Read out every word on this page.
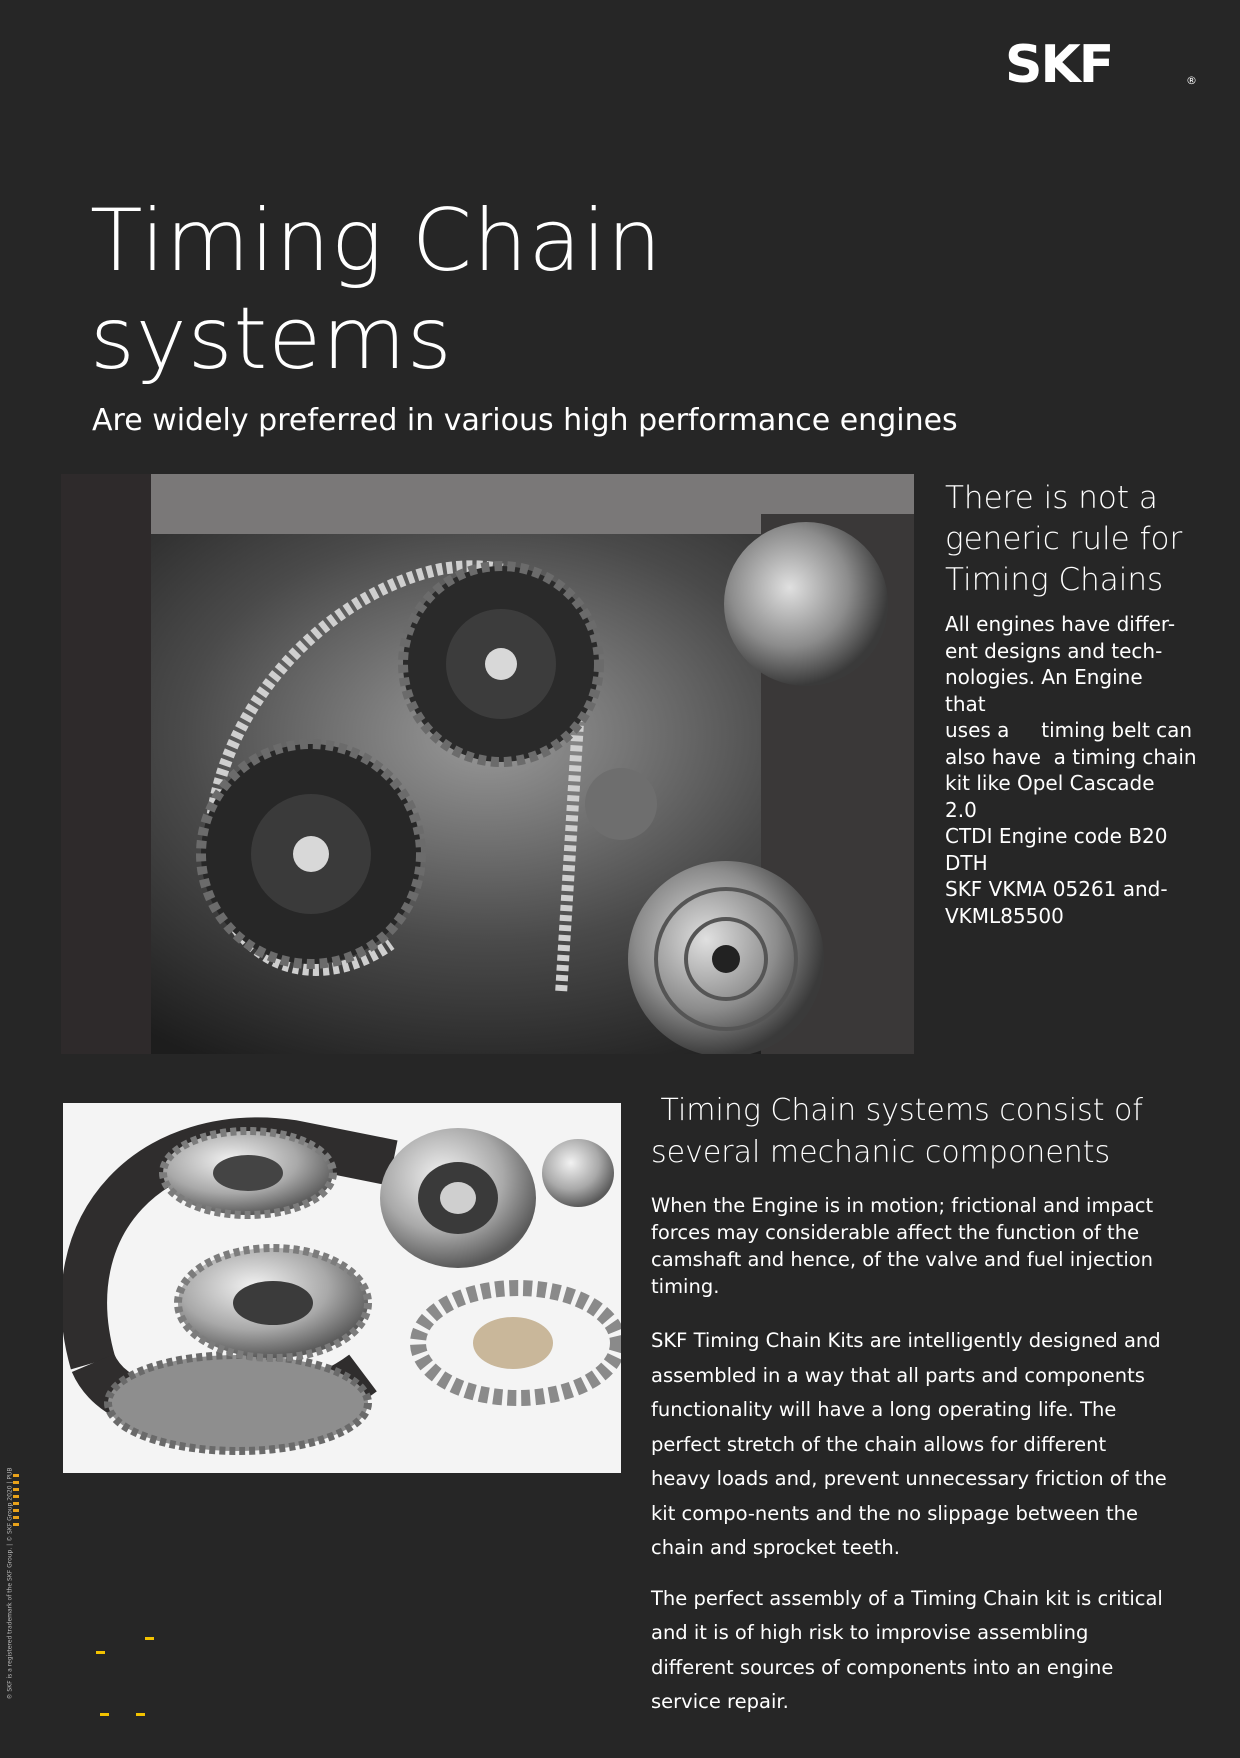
SKF	®
Timing Chain
systems
Are widely preferred in various high performance engines
There is not a generic rule for Timing Chains

All engines have differ-
ent designs and tech-
nologies. An Engine that
uses a     timing belt can
also have  a timing chain
kit like Opel Cascade 2.0
CTDI Engine code B20
DTH
SKF VKMA 05261 and-
VKML85500

Timing Chain systems consist of
several mechanic components

When the Engine is in motion; frictional and impact forces may considerable affect the function of the camshaft and hence, of the valve and fuel injection timing.

SKF Timing Chain Kits are intelligently designed and assembled in a way that all parts and components functionality will have a long operating life. The perfect stretch of the chain allows for different heavy loads and, prevent unnecessary friction of the kit compo-nents and the no slippage between the chain and sprocket teeth.

The perfect assembly of a Timing Chain kit is critical and it is of high risk to improvise assembling different sources of components into an engine service repair.

® SKF is a registered trademark of the SKF Group. | © SKF Group 2020 | PUB
